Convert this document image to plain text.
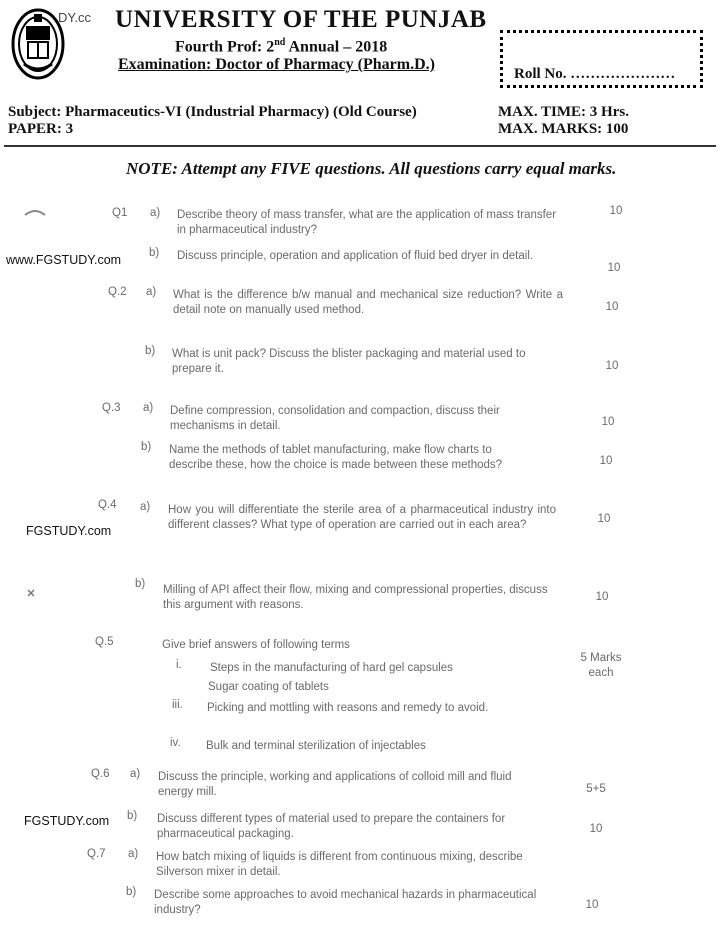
DY.cc UNIVERSITY OF THE PUNJAB
Fourth Prof: 2nd Annual – 2018
Examination: Doctor of Pharmacy (Pharm.D.)
Roll No. …………………
Subject: Pharmaceutics-VI (Industrial Pharmacy) (Old Course)
PAPER: 3
MAX. TIME: 3 Hrs.
MAX. MARKS: 100
NOTE: Attempt any FIVE questions. All questions carry equal marks.
www.FGSTUDY.com
FGSTUDY.com
FGSTUDY.com
Q1 a) Describe theory of mass transfer, what are the application of mass transfer in pharmaceutical industry?
10
b) Discuss principle, operation and application of fluid bed dryer in detail.
10
Q.2 a) What is the difference b/w manual and mechanical size reduction? Write a detail note on manually used method.	10
b) What is unit pack? Discuss the blister packaging and material used to prepare it.	10
Q.3 a) Define compression, consolidation and compaction, discuss their mechanisms in detail.	10
b) Name the methods of tablet manufacturing, make flow charts to describe these, how the choice is made between these methods?	10
Q.4 a) How you will differentiate the sterile area of a pharmaceutical industry into different classes? What type of operation are carried out in each area?	10
b) Milling of API affect their flow, mixing and compressional properties, discuss this argument with reasons.
10
Q.5	Give brief answers of following terms
5 Marks each
i. Steps in the manufacturing of hard gel capsules
Sugar coating of tablets
iii. Picking and mottling with reasons and remedy to avoid.
iv. Bulk and terminal sterilization of injectables
Q.6 a) Discuss the principle, working and applications of colloid mill and fluid energy mill.	5+5
b) Discuss different types of material used to prepare the containers for pharmaceutical packaging.	10
Q.7 a) How batch mixing of liquids is different from continuous mixing, describe Silverson mixer in detail.
b) Describe some approaches to avoid mechanical hazards in pharmaceutical industry?	10
